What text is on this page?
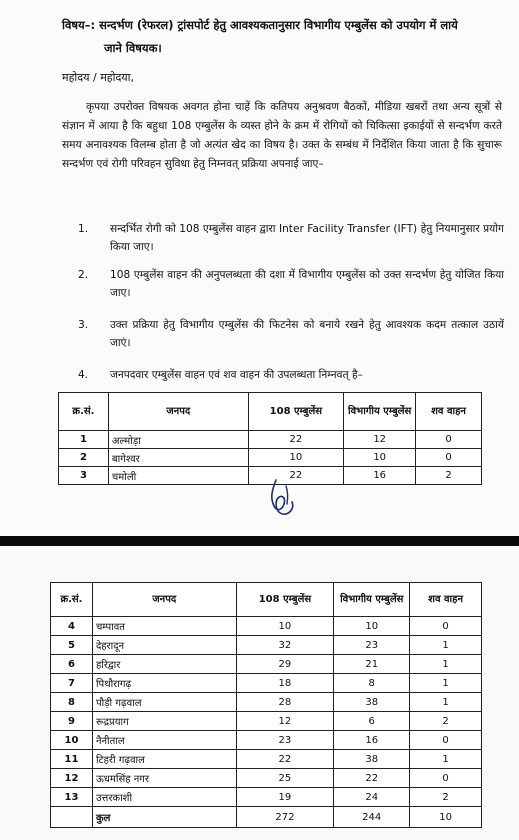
विषय–: सन्दर्भण (रेफरल) ट्रांसपोर्ट हेतु आवश्यकतानुसार विभागीय एम्बुलेंस को उपयोग में लाये
जाने विषयक।
महोदय / महोदया,
कृपया उपरोक्त विषयक अवगत होना चाहें कि कतिपय अनुश्रवण बैठकों, मीडिया खबरों तथा अन्य सूत्रों से संज्ञान में आया है कि बहुधा 108 एम्बुलेंस के व्यस्त होने के क्रम में रोगियों को चिकित्सा इकाईयों से सन्दर्भण करते समय अनावश्यक विलम्ब होता है जो अत्यंत खेद का विषय है। उक्त के सम्बंध में निर्देशित किया जाता है कि सुचारू सन्दर्भण एवं रोगी परिवहन सुविधा हेतु निम्नवत् प्रक्रिया अपनाई जाए–
1.	सन्दर्भित रोगी को 108 एम्बुलेंस वाहन द्वारा Inter Facility Transfer (IFT) हेतु नियमानुसार प्रयोग किया जाए।
2.	108 एम्बुलेंस वाहन की अनुपलब्धता की दशा में विभागीय एम्बुलेंस को उक्त सन्दर्भण हेतु योजित किया जाए।
3.	उक्त प्रक्रिया हेतु विभागीय एम्बुलेंस की फिटनेस को बनाये रखने हेतु आवश्यक कदम तत्काल उठायें जाएं।
4.	जनपदवार एम्बुलेंस वाहन एवं शव वाहन की उपलब्धता निम्नवत् है–
क्र.सं.	जनपद	108 एम्बुलेंस	विभागीय एम्बुलेंस	शव वाहन
1	अल्मोड़ा	22	12	0
2	बागेश्वर	10	10	0
3	चमोली	22	16	2
क्र.सं.	जनपद	108 एम्बुलेंस	विभागीय एम्बुलेंस	शव वाहन
4	चम्पावत	10	10	0
5	देहरादून	32	23	1
6	हरिद्वार	29	21	1
7	पिथौरागढ़	18	8	1
8	पौड़ी गढ़वाल	28	38	1
9	रूद्रप्रयाग	12	6	2
10	नैनीताल	23	16	0
11	टिहरी गढ़वाल	22	38	1
12	ऊधमसिंह नगर	25	22	0
13	उत्तरकाशी	19	24	2
	कुल	272	244	10
